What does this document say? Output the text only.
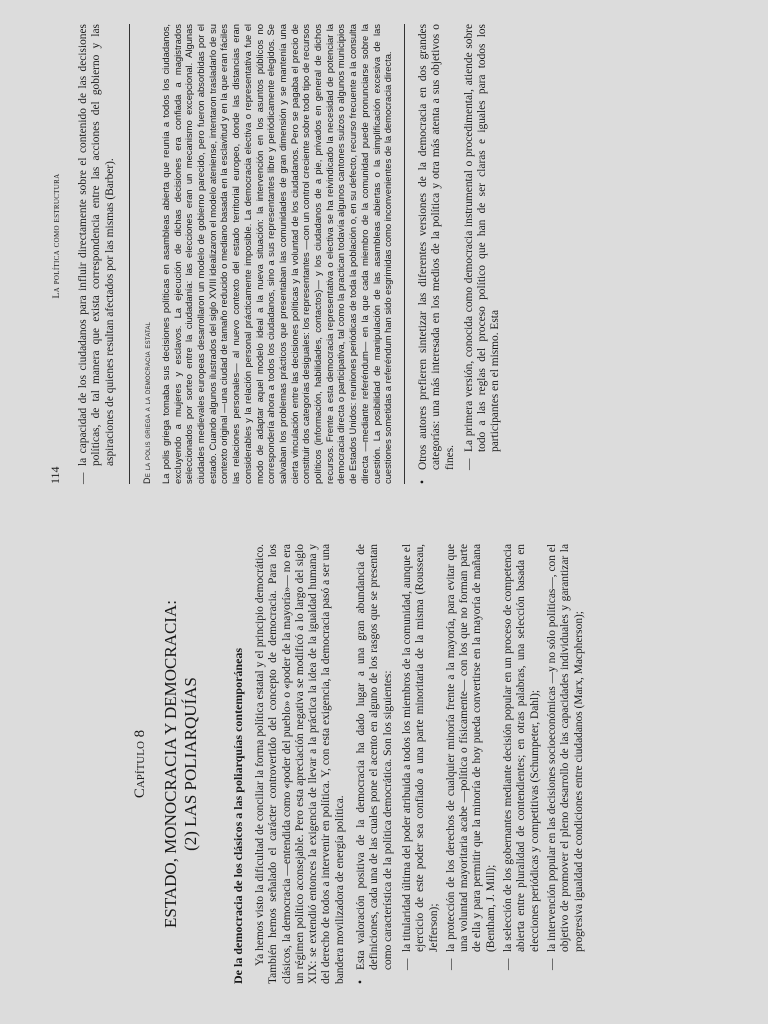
Capítulo 8 ESTADO, MONOCRACIA Y DEMOCRACIA: (2) LAS POLIARQUÍAS	De la democracia de los clásicos a las poliarquías contemporáneas Ya hemos visto la dificultad de conciliar la forma política estatal y el principio democrático. También hemos señalado el carácter controvertido del concepto de democracia. Para los clásicos, la democracia —entendida como «poder del pueblo» o «poder de la mayoría»— no era un régimen político aconsejable. Pero esta apreciación negativa se modificó a lo largo del siglo XIX: se extendió entonces la exigencia de llevar a la práctica la idea de la igualdad humana y del derecho de todos a intervenir en política. Y, con esta exigencia, la democracia pasó a ser una bandera movilizadora de energía política. •
Esta valoración positiva de la democracia ha dado lugar a una gran abundancia de definiciones, cada una de las cuales pone el acento en alguno de los rasgos que se presentan como característica de la política democrática. Son los siguientes: —
la titularidad última del poder atribuida a todos los miembros de la comunidad, aunque el ejercicio de este poder sea confiado a una parte minoritaria de la misma (Rousseau, Jefferson);
—
la protección de los derechos de cualquier minoría frente a la mayoría, para evitar que una voluntad mayoritaria acabe —política o físicamente— con los que no forman parte de ella y para permitir que la minoría de hoy pueda convertirse en la mayoría de mañana (Bentham, J. Mill);
—
la selección de los gobernantes mediante decisión popular en un proceso de competencia abierta entre pluralidad de contendientes; en otras palabras, una selección basada en elecciones periódicas y competitivas (Schumpeter, Dahl);
—
la intervención popular en las decisiones socioeconómicas —y no sólo políticas—, con el objetivo de promover el pleno desarrollo de las capacidades individuales y garantizar la progresiva igualdad de condiciones entre ciudadanos (Marx, Macpherson);
114
La política como estructura
—
la capacidad de los ciudadanos para influir directamente sobre el contenido de las decisiones políticas, de tal manera que exista correspondencia entre las acciones del gobierno y las aspiraciones de quienes resultan afectados por las mismas (Barber).	De la polis griega a la democracia estatal La polis griega tomaba sus decisiones políticas en asambleas abierta que reunía a todos los ciudadanos, excluyendo a mujeres y esclavos. La ejecución de dichas decisiones era confiada a magistrados seleccionados por sorteo entre la ciudadanía: las elecciones eran un mecanismo excepcional. Algunas ciudades medievales europeas desarrollaron un modelo de gobierno parecido, pero fueron absorbidas por el estado. Cuando algunos ilustrados del siglo XVIII idealizaron el modelo ateniense, intentaron trasladarlo de su contexto original —una ciudad de tamaño reducido o mediano basada en la esclavitud y en la que eran fáciles las relaciones personales— al nuevo contexto del estado territorial europeo, donde las distancias eran considerables y la relación personal prácticamente imposible. La democracia electiva o representativa fue el modo de adaptar aquel modelo ideal a la nueva situación: la intervención en los asuntos públicos no correspondería ahora a todos los ciudadanos, sino a sus representantes libre y periódicamente elegidos. Se salvaban los problemas prácticos que presentaban las comunidades de gran dimensión y se mantenía una cierta vinculación entre las decisiones políticas y la voluntad de los ciudadanos. Pero se pagaba el precio de constituir dos categorías desiguales: los representantes —con un control creciente sobre todo tipo de recursos políticos (información, habilidades, contactos)— y los ciudadanos de a pie, privados en general de dichos recursos. Frente a esta democracia representativa o electiva se ha reivindicado la necesidad de potenciar la democracia directa o participativa, tal como la practican todavía algunos cantones suizos o algunos municipios de Estados Unidos: reuniones periódicas de toda la población o, en su defecto, recurso frecuente a la consulta directa —mediante referéndum— en la que cada miembro de la comunidad puede pronunciarse sobre la cuestión. La posibilidad de manipulación de las asambleas abiertas o la simplificación excesiva de las cuestiones sometidas a referéndum han sido esgrimidas como inconvenientes de la democracia directa. •
Otros autores prefieren sintetizar las diferentes versiones de la democracia en dos grandes categorías: una más interesada en los medios de la política y otra más atenta a sus objetivos o fines. —
La primera versión, conocida como democracia instrumental o procedimental, atiende sobre todo a las reglas del proceso político que han de ser claras e iguales para todos los participantes en el mismo. Esta
